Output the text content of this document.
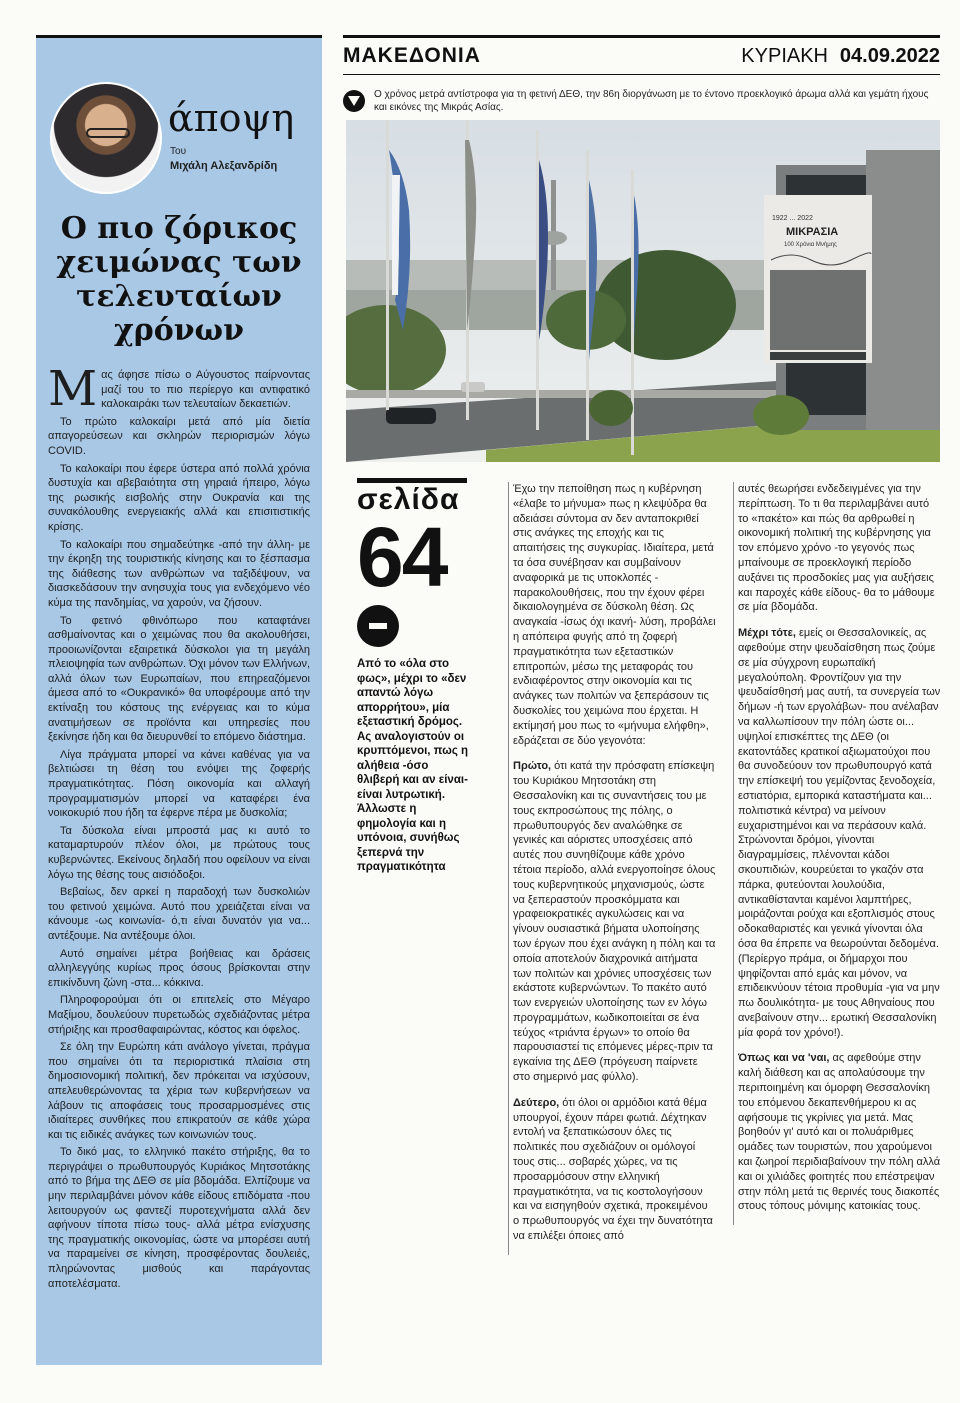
άποψη
Του
Μιχάλη Αλεξανδρίδη
Ο πιο ζόρικος χειμώνας των τελευταίων χρόνων

Μας άφησε πίσω ο Αύγουστος παίρνοντας μαζί του το πιο περίεργο και αντιφατικό καλοκαιράκι των τελευταίων δεκαετιών.

Το πρώτο καλοκαίρι μετά από μία διετία απαγορεύσεων και σκληρών περιορισμών λόγω COVID.

Το καλοκαίρι που έφερε ύστερα από πολλά χρόνια δυστυχία και αβεβαιότητα στη γηραιά ήπειρο, λόγω της ρωσικής εισβολής στην Ουκρανία και της συνακόλουθης ενεργειακής αλλά και επισιτιστικής κρίσης.

Το καλοκαίρι που σημαδεύτηκε -από την άλλη- με την έκρηξη της τουριστικής κίνησης και το ξέσπασμα της διάθεσης των ανθρώπων να ταξιδέψουν, να διασκεδάσουν την ανησυχία τους για ενδεχόμενο νέο κύμα της πανδημίας, να χαρούν, να ζήσουν.

Το φετινό φθινόπωρο που καταφτάνει ασθμαίνοντας και ο χειμώνας που θα ακολουθήσει, προοιωνίζονται εξαιρετικά δύσκολοι για τη μεγάλη πλειοψηφία των ανθρώπων. Όχι μόνον των Ελλήνων, αλλά όλων των Ευρωπαίων, που επηρεαζόμενοι άμεσα από το «Ουκρανικό» θα υποφέρουμε από την εκτίναξη του κόστους της ενέργειας και το κύμα ανατιμήσεων σε προϊόντα και υπηρεσίες που ξεκίνησε ήδη και θα διευρυνθεί το επόμενο διάστημα.

Λίγα πράγματα μπορεί να κάνει καθένας για να βελτιώσει τη θέση του ενόψει της ζοφερής πραγματικότητας. Πόση οικονομία και αλλαγή προγραμματισμών μπορεί να καταφέρει ένα νοικοκυριό που ήδη τα έφερνε πέρα με δυσκολία;

Τα δύσκολα είναι μπροστά μας κι αυτό το καταμαρτυρούν πλέον όλοι, με πρώτους τους κυβερνώντες. Εκείνους δηλαδή που οφείλουν να είναι λόγω της θέσης τους αισιόδοξοι.

Βεβαίως, δεν αρκεί η παραδοχή των δυσκολιών του φετινού χειμώνα. Αυτό που χρειάζεται είναι να κάνουμε -ως κοινωνία- ό,τι είναι δυνατόν για να... αντέξουμε. Να αντέξουμε όλοι.

Αυτό σημαίνει μέτρα βοήθειας και δράσεις αλληλεγγύης κυρίως προς όσους βρίσκονται στην επικίνδυνη ζώνη -στα... κόκκινα.

Πληροφορούμαι ότι οι επιτελείς στο Μέγαρο Μαξίμου, δουλεύουν πυρετωδώς σχεδιάζοντας μέτρα στήριξης και προσθαφαιρώντας, κόστος και όφελος.

Σε όλη την Ευρώπη κάτι ανάλογο γίνεται, πράγμα που σημαίνει ότι τα περιοριστικά πλαίσια στη δημοσιονομική πολιτική, δεν πρόκειται να ισχύσουν, απελευθερώνοντας τα χέρια των κυβερνήσεων να λάβουν τις αποφάσεις τους προσαρμοσμένες στις ιδιαίτερες συνθήκες που επικρατούν σε κάθε χώρα και τις ειδικές ανάγκες των κοινωνιών τους.

Το δικό μας, το ελληνικό πακέτο στήριξης, θα το περιγράψει ο πρωθυπουργός Κυριάκος Μητσοτάκης από το βήμα της ΔΕΘ σε μία βδομάδα. Ελπίζουμε να μην περιλαμβάνει μόνον κάθε είδους επιδόματα -που λειτουργούν ως φαντεζί πυροτεχνήματα αλλά δεν αφήνουν τίποτα πίσω τους- αλλά μέτρα ενίσχυσης της πραγματικής οικονομίας, ώστε να μπορέσει αυτή να παραμείνει σε κίνηση, προσφέροντας δουλειές, πληρώνοντας μισθούς και παράγοντας αποτελέσματα.

ΜΑΚΕΔΟΝΙΑ	ΚΥΡΙΑΚΗ 04.09.2022
Ο χρόνος μετρά αντίστροφα για τη φετινή ΔΕΘ, την 86η διοργάνωση με το έντονο προεκλογικό άρωμα αλλά και γεμάτη ήχους και εικόνες της Μικράς Ασίας.
1922 ... 2022
ΜΙΚΡΑΣΙΑ
100 Χρόνια Μνήμης
σελίδα
64
Από το «όλα στο φως», μέχρι το «δεν απαντώ λόγω απορρήτου», μία εξεταστική δρόμος. Ας αναλογιστούν οι κρυπτόμενοι, πως η αλήθεια -όσο θλιβερή και αν είναι- είναι λυτρωτική. Άλλωστε η φημολογία και η υπόνοια, συνήθως ξεπερνά την πραγματικότητα

Έχω την πεποίθηση πως η κυβέρνηση «έλαβε το μήνυμα» πως η κλεψύδρα θα αδειάσει σύντομα αν δεν ανταποκριθεί στις ανάγκες της εποχής και τις απαιτήσεις της συγκυρίας. Ιδιαίτερα, μετά τα όσα συνέβησαν και συμβαίνουν αναφορικά με τις υποκλοπές - παρακολουθήσεις, που την έχουν φέρει δικαιολογημένα σε δύσκολη θέση. Ως αναγκαία -ίσως όχι ικανή- λύση, προβάλει η απόπειρα φυγής από τη ζοφερή πραγματικότητα των εξεταστικών επιτροπών, μέσω της μεταφοράς του ενδιαφέροντος στην οικονομία και τις ανάγκες των πολιτών να ξεπεράσουν τις δυσκολίες του χειμώνα που έρχεται. Η εκτίμησή μου πως το «μήνυμα ελήφθη», εδράζεται σε δύο γεγονότα:

Πρώτο, ότι κατά την πρόσφατη επίσκεψη του Κυριάκου Μητσοτάκη στη Θεσσαλονίκη και τις συναντήσεις του με τους εκπροσώπους της πόλης, ο πρωθυπουργός δεν αναλώθηκε σε γενικές και αόριστες υποσχέσεις από αυτές που συνηθίζουμε κάθε χρόνο τέτοια περίοδο, αλλά ενεργοποίησε όλους τους κυβερνητικούς μηχανισμούς, ώστε να ξεπεραστούν προσκόμματα και γραφειοκρατικές αγκυλώσεις και να γίνουν ουσιαστικά βήματα υλοποίησης των έργων που έχει ανάγκη η πόλη και τα οποία αποτελούν διαχρονικά αιτήματα των πολιτών και χρόνιες υποσχέσεις των εκάστοτε κυβερνώντων. Το πακέτο αυτό των ενεργειών υλοποίησης των εν λόγω προγραμμάτων, κωδικοποιείται σε ένα τεύχος «τριάντα έργων» το οποίο θα παρουσιαστεί τις επόμενες μέρες-πριν τα εγκαίνια της ΔΕΘ (πρόγευση παίρνετε στο σημερινό μας φύλλο).

Δεύτερο, ότι όλοι οι αρμόδιοι κατά θέμα υπουργοί, έχουν πάρει φωτιά. Δέχτηκαν εντολή να ξεπατικώσουν όλες τις πολιτικές που σχεδιάζουν οι ομόλογοί τους στις... σοβαρές χώρες, να τις προσαρμόσουν στην ελληνική πραγματικότητα, να τις κοστολογήσουν και να εισηγηθούν σχετικά, προκειμένου ο πρωθυπουργός να έχει την δυνατότητα να επιλέξει όποιες από

αυτές θεωρήσει ενδεδειγμένες για την περίπτωση. Το τι θα περιλαμβάνει αυτό το «πακέτο» και πώς θα αρθρωθεί η οικονομική πολιτική της κυβέρνησης για τον επόμενο χρόνο -το γεγονός πως μπαίνουμε σε προεκλογική περίοδο αυξάνει τις προσδοκίες μας για αυξήσεις και παροχές κάθε είδους- θα το μάθουμε σε μία βδομάδα.

Μέχρι τότε, εμείς οι Θεσσαλονικείς, ας αφεθούμε στην ψευδαίσθηση πως ζούμε σε μία σύγχρονη ευρωπαϊκή μεγαλούπολη. Φροντίζουν για την ψευδαίσθησή μας αυτή, τα συνεργεία των δήμων -ή των εργολάβων- που ανέλαβαν να καλλωπίσουν την πόλη ώστε οι... υψηλοί επισκέπτες της ΔΕΘ (οι εκατοντάδες κρατικοί αξιωματούχοι που θα συνοδεύουν τον πρωθυπουργό κατά την επίσκεψή του γεμίζοντας ξενοδοχεία, εστιατόρια, εμπορικά καταστήματα και... πολιτιστικά κέντρα) να μείνουν ευχαριστημένοι και να περάσουν καλά. Στρώνονται δρόμοι, γίνονται διαγραμμίσεις, πλένονται κάδοι σκουπιδιών, κουρεύεται το γκαζόν στα πάρκα, φυτεύονται λουλούδια, αντικαθίστανται καμένοι λαμπτήρες, μοιράζονται ρούχα και εξοπλισμός στους οδοκαθαριστές και γενικά γίνονται όλα όσα θα έπρεπε να θεωρούνται δεδομένα. (Περίεργο πράμα, οι δήμαρχοι που ψηφίζονται από εμάς και μόνον, να επιδεικνύουν τέτοια προθυμία -για να μην πω δουλικότητα- με τους Αθηναίους που ανεβαίνουν στην... ερωτική Θεσσαλονίκη μία φορά τον χρόνο!).

Όπως και να 'ναι, ας αφεθούμε στην καλή διάθεση και ας απολαύσουμε την περιποιημένη και όμορφη Θεσσαλονίκη του επόμενου δεκαπενθήμερου κι ας αφήσουμε τις γκρίνιες για μετά. Μας βοηθούν γι' αυτό και οι πολυάριθμες ομάδες των τουριστών, που χαρούμενοι και ζωηροί περιδιαβαίνουν την πόλη αλλά και οι χιλιάδες φοιτητές που επέστρεψαν στην πόλη μετά τις θερινές τους διακοπές στους τόπους μόνιμης κατοικίας τους.
